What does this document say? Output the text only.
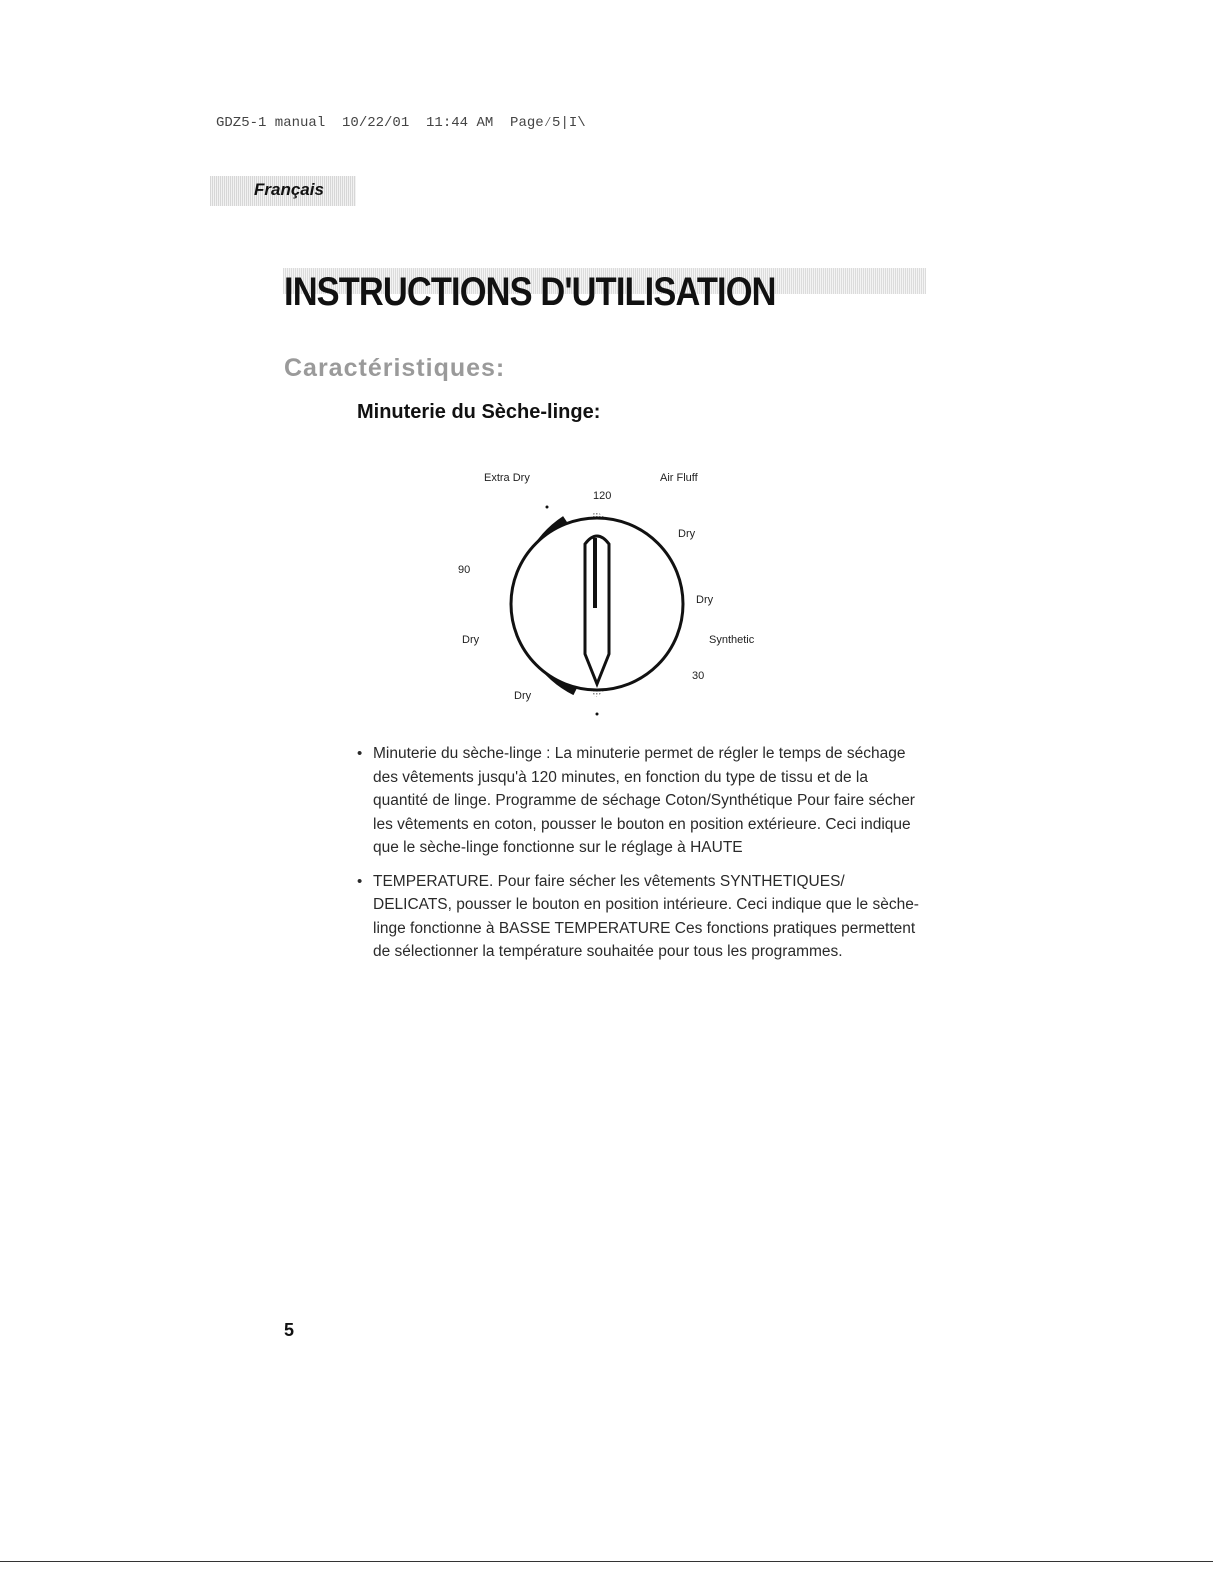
GDZ5-1 manual  10/22/01  11:44 AM  Page⁄5|I\
Français
INSTRUCTIONS D'UTILISATION
Caractéristiques:
Minuterie du Sèche-linge:
Extra Dry	Air Fluff
120
Dry
90
Dry
Synthetic
Dry
30
Dry
• Minuterie du sèche-linge : La minuterie permet de régler le temps de séchage des vêtements jusqu'à 120 minutes, en fonction du type de tissu et de la quantité de linge. Programme de séchage Coton/Synthétique Pour faire sécher les vêtements en coton, pousser le bouton en position extérieure. Ceci indique que le sèche-linge fonctionne sur le réglage à HAUTE
• TEMPERATURE. Pour faire sécher les vêtements SYNTHETIQUES/ DELICATS, pousser le bouton en position intérieure. Ceci indique que le sèche-linge fonctionne à BASSE TEMPERATURE Ces fonctions pratiques permettent de sélectionner la température souhaitée pour tous les programmes.
5
